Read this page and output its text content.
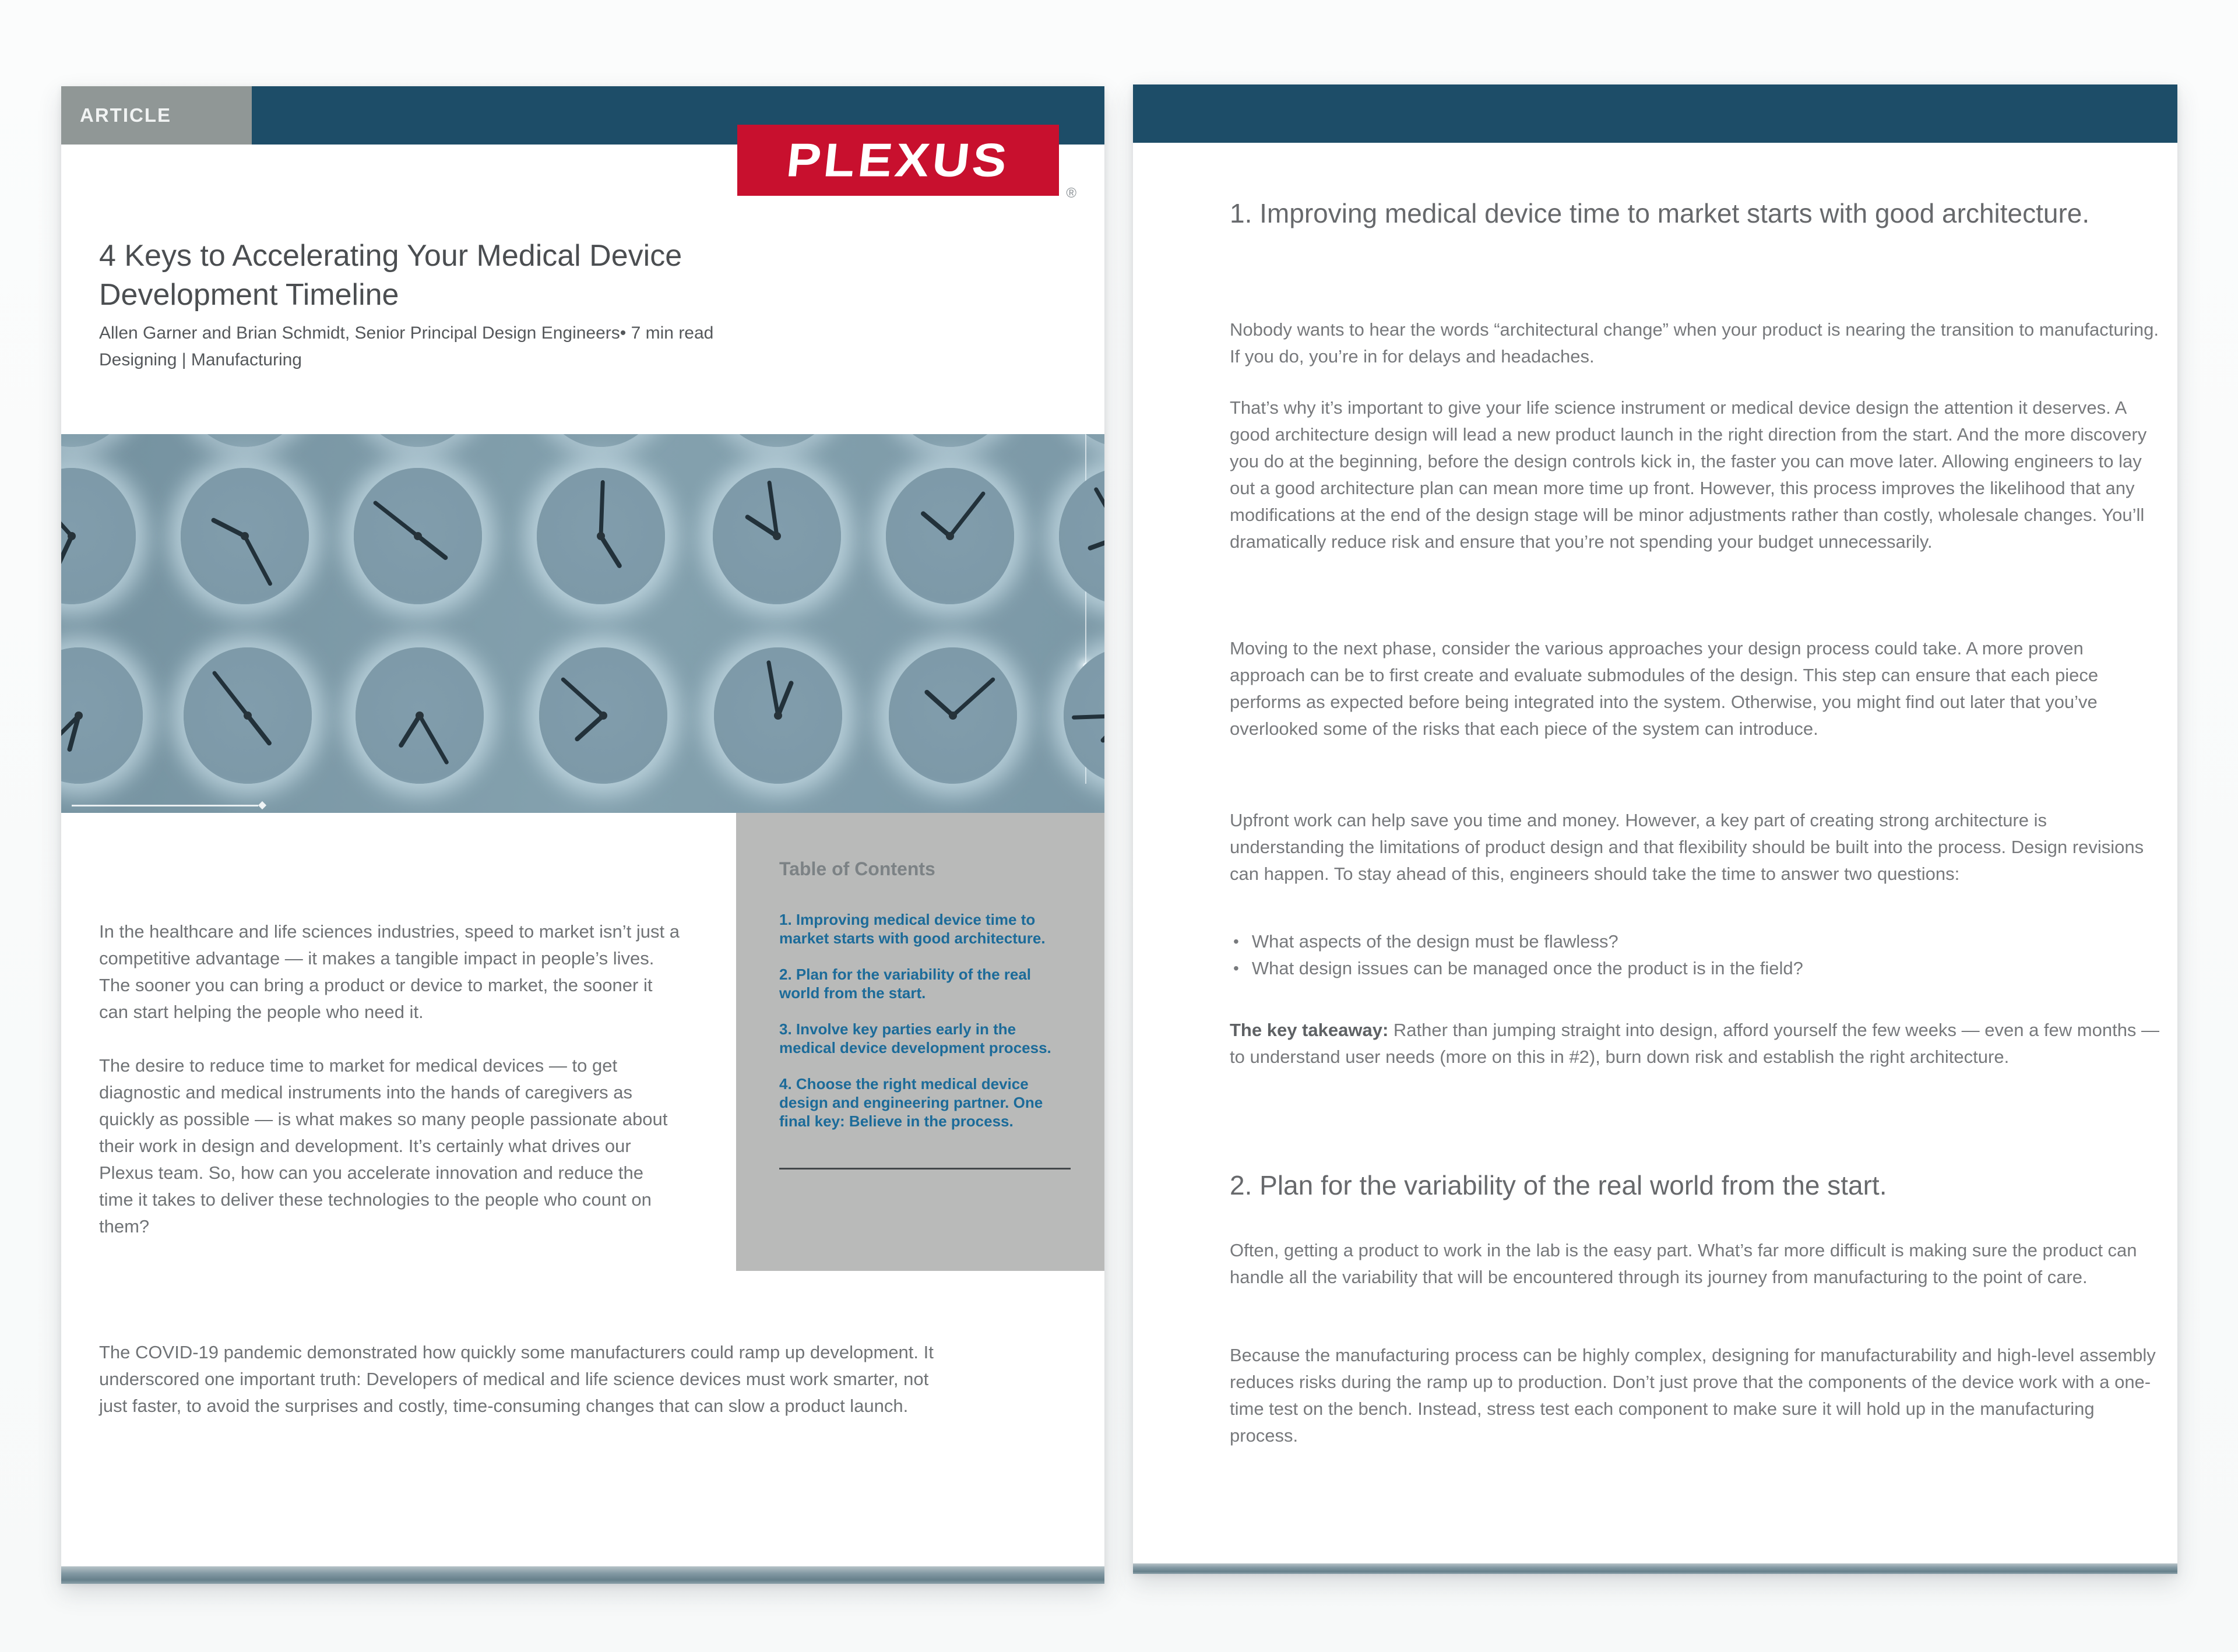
ARTICLE
PLEXUS
®
4 Keys to Accelerating Your Medical Device Development Timeline

Allen Garner and Brian Schmidt, Senior Principal Design Engineers• 7 min read

Designing | Manufacturing

Table of Contents

1. Improving medical device time to market starts with good architecture.

2. Plan for the variability of the real world from the start.

3. Involve key parties early in the medical device development process.

4. Choose the right medical device design and engineering partner. One final key: Believe in the process.

In the healthcare and life sciences industries, speed to market isn’t just a competitive advantage — it makes a tangible impact in people’s lives. The sooner you can bring a product or device to market, the sooner it can start helping the people who need it.

The desire to reduce time to market for medical devices — to get diagnostic and medical instruments into the hands of caregivers as quickly as possible — is what makes so many people passionate about their work in design and development. It’s certainly what drives our Plexus team. So, how can you accelerate innovation and reduce the time it takes to deliver these technologies to the people who count on them?

The COVID-19 pandemic demonstrated how quickly some manufacturers could ramp up development. It underscored one important truth: Developers of medical and life science devices must work smarter, not just faster, to avoid the surprises and costly, time-consuming changes that can slow a product launch.

1. Improving medical device time to market starts with good architecture.

Nobody wants to hear the words “architectural change” when your product is nearing the transition to manufacturing. If you do, you’re in for delays and headaches.

That’s why it’s important to give your life science instrument or medical device design the attention it deserves. A good architecture design will lead a new product launch in the right direction from the start. And the more discovery you do at the beginning, before the design controls kick in, the faster you can move later. Allowing engineers to lay out a good architecture plan can mean more time up front. However, this process improves the likelihood that any modifications at the end of the design stage will be minor adjustments rather than costly, wholesale changes. You’ll dramatically reduce risk and ensure that you’re not spending your budget unnecessarily.

Moving to the next phase, consider the various approaches your design process could take. A more proven approach can be to first create and evaluate submodules of the design. This step can ensure that each piece performs as expected before being integrated into the system. Otherwise, you might find out later that you’ve overlooked some of the risks that each piece of the system can introduce.

Upfront work can help save you time and money. However, a key part of creating strong architecture is understanding the limitations of product design and that flexibility should be built into the process. Design revisions can happen. To stay ahead of this, engineers should take the time to answer two questions:

• What aspects of the design must be flawless?
• What design issues can be managed once the product is in the field?

The key takeaway: Rather than jumping straight into design, afford yourself the few weeks — even a few months — to understand user needs (more on this in #2), burn down risk and establish the right architecture.

2. Plan for the variability of the real world from the start.

Often, getting a product to work in the lab is the easy part. What’s far more difficult is making sure the product can handle all the variability that will be encountered through its journey from manufacturing to the point of care.

Because the manufacturing process can be highly complex, designing for manufacturability and high-level assembly reduces risks during the ramp up to production. Don’t just prove that the components of the device work with a one-time test on the bench. Instead, stress test each component to make sure it will hold up in the manufacturing process.
